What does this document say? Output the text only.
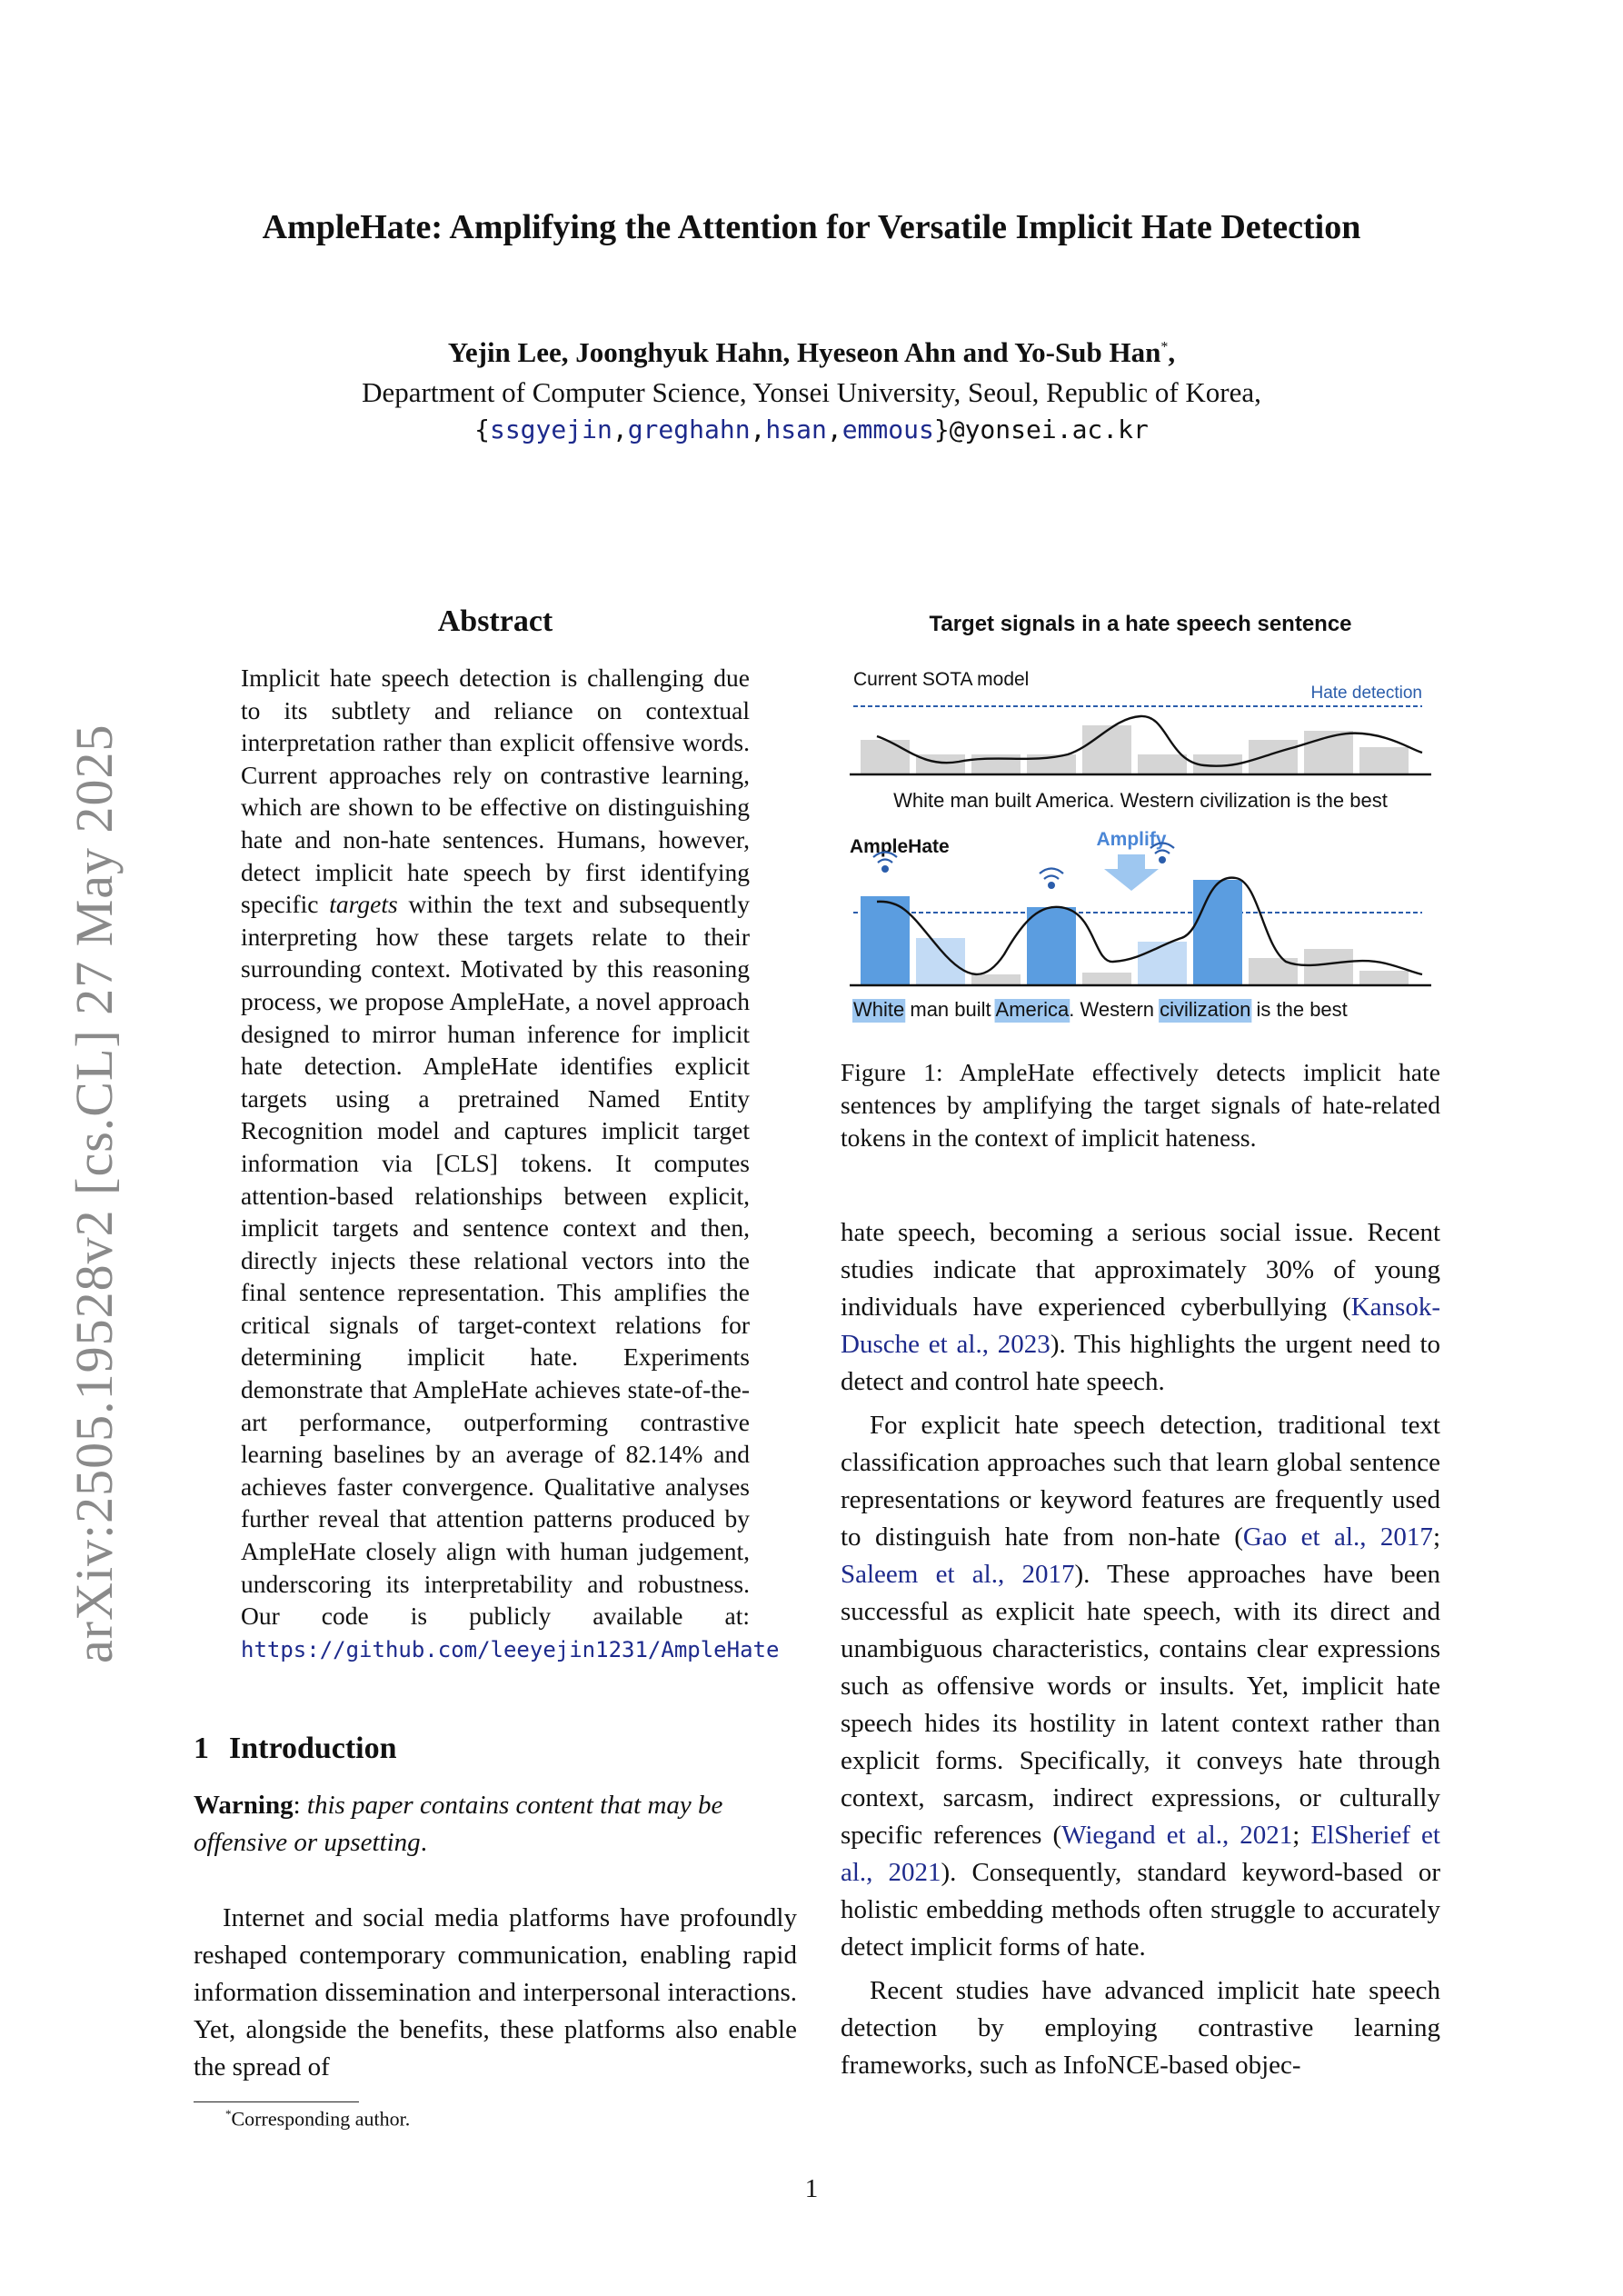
AmpleHate: Amplifying the Attention for Versatile Implicit Hate Detection
Yejin Lee, Joonghyuk Hahn, Hyeseon Ahn and Yo-Sub Han*,
Department of Computer Science, Yonsei University, Seoul, Republic of Korea,
{ssgyejin,greghahn,hsan,emmous}@yonsei.ac.kr
arXiv:2505.19528v2 [cs.CL] 27 May 2025
Abstract
Implicit hate speech detection is challenging due to its subtlety and reliance on contextual interpretation rather than explicit offensive words. Current approaches rely on contrastive learning, which are shown to be effective on distinguishing hate and non-hate sentences. Humans, however, detect implicit hate speech by first identifying specific targets within the text and subsequently interpreting how these targets relate to their surrounding context. Motivated by this reasoning process, we propose AmpleHate, a novel approach designed to mirror human inference for implicit hate detection. AmpleHate identifies explicit targets using a pretrained Named Entity Recognition model and captures implicit target information via [CLS] tokens. It computes attention-based relationships between explicit, implicit targets and sentence context and then, directly injects these relational vectors into the final sentence representation. This amplifies the critical signals of target-context relations for determining implicit hate. Experiments demonstrate that AmpleHate achieves state-of-the-art performance, outperforming contrastive learning baselines by an average of 82.14% and achieves faster convergence. Qualitative analyses further reveal that attention patterns produced by AmpleHate closely align with human judgement, underscoring its interpretability and robustness. Our code is publicly available at: https://github.com/leeyejin1231/AmpleHate
1 Introduction
Warning: this paper contains content that may be offensive or upsetting.
Internet and social media platforms have profoundly reshaped contemporary communication, enabling rapid information dissemination and interpersonal interactions. Yet, alongside the benefits, these platforms also enable the spread of
*Corresponding author.
Target signals in a hate speech sentence
Current SOTA model
Hate detection
White man built America. Western civilization is the best
AmpleHate	Amplify
White man built America. Western civilization is the best
Figure 1: AmpleHate effectively detects implicit hate sentences by amplifying the target signals of hate-related tokens in the context of implicit hateness.

hate speech, becoming a serious social issue. Recent studies indicate that approximately 30% of young individuals have experienced cyberbullying (Kansok-Dusche et al., 2023). This highlights the urgent need to detect and control hate speech.

For explicit hate speech detection, traditional text classification approaches such that learn global sentence representations or keyword features are frequently used to distinguish hate from non-hate (Gao et al., 2017; Saleem et al., 2017). These approaches have been successful as explicit hate speech, with its direct and unambiguous characteristics, contains clear expressions such as offensive words or insults. Yet, implicit hate speech hides its hostility in latent context rather than explicit forms. Specifically, it conveys hate through context, sarcasm, indirect expressions, or culturally specific references (Wiegand et al., 2021; ElSherief et al., 2021). Consequently, standard keyword-based or holistic embedding methods often struggle to accurately detect implicit forms of hate.

Recent studies have advanced implicit hate speech detection by employing contrastive learning frameworks, such as InfoNCE-based objec-

1
